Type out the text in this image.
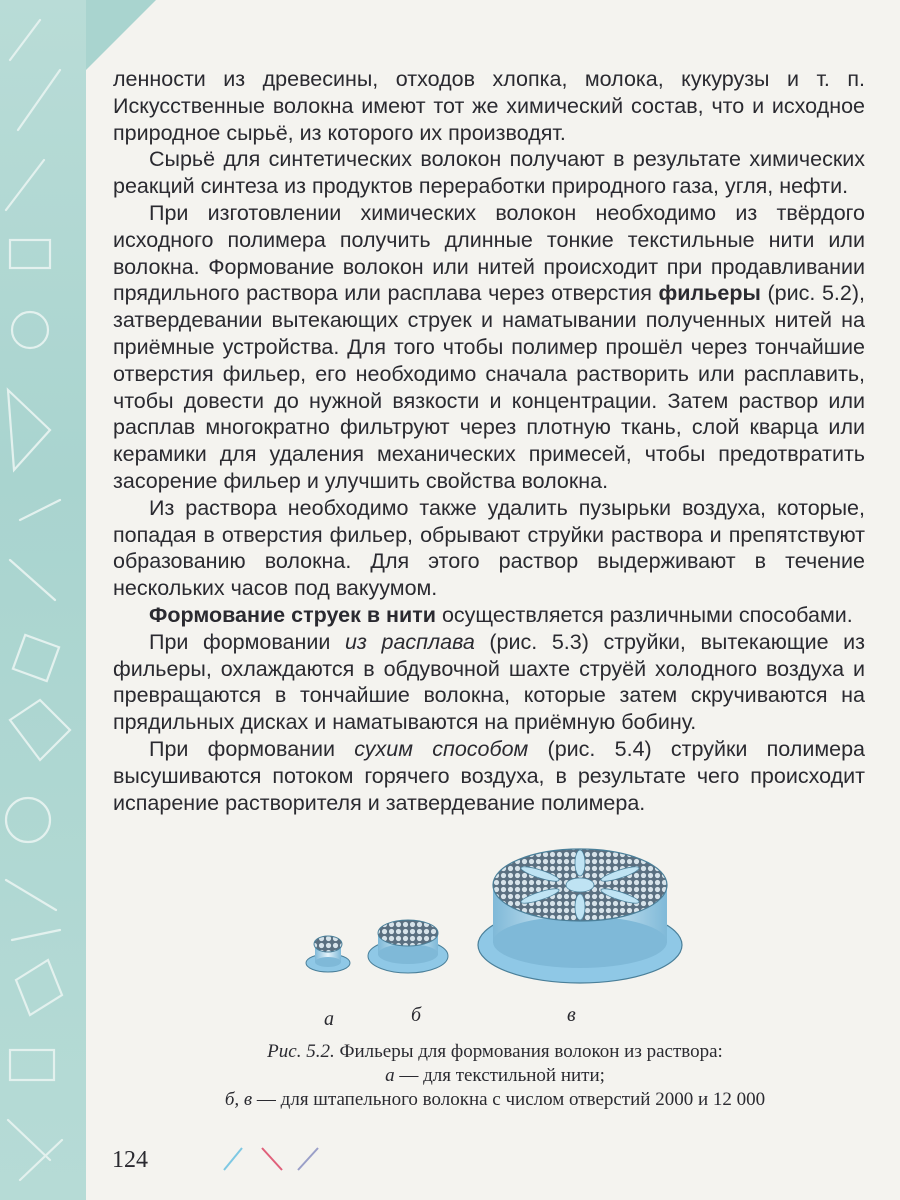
ленности из древесины, отходов хлопка, молока, кукурузы и т. п. Искусственные волокна имеют тот же химический состав, что и исходное природное сырьё, из которого их производят.

Сырьё для синтетических волокон получают в результате химических реакций синтеза из продуктов переработки природного газа, угля, нефти.

При изготовлении химических волокон необходимо из твёрдого исходного полимера получить длинные тонкие текстильные нити или волокна. Формование волокон или нитей происходит при продавливании прядильного раствора или расплава через отверстия фильеры (рис. 5.2), затвердевании вытекающих струек и наматывании полученных нитей на приёмные устройства. Для того чтобы полимер прошёл через тончайшие отверстия фильер, его необходимо сначала растворить или расплавить, чтобы довести до нужной вязкости и концентрации. Затем раствор или расплав многократно фильтруют через плотную ткань, слой кварца или керамики для удаления механических примесей, чтобы предотвратить засорение фильер и улучшить свойства волокна.

Из раствора необходимо также удалить пузырьки воздуха, которые, попадая в отверстия фильер, обрывают струйки раствора и препятствуют образованию волокна. Для этого раствор выдерживают в течение нескольких часов под вакуумом.

Формование струек в нити осуществляется различными способами.

При формовании из расплава (рис. 5.3) струйки, вытекающие из фильеры, охлаждаются в обдувочной шахте струёй холодного воздуха и превращаются в тончайшие волокна, которые затем скручиваются на прядильных дисках и наматываются на приёмную бобину.

При формовании сухим способом (рис. 5.4) струйки полимера высушиваются потоком горячего воздуха, в результате чего происходит испарение растворителя и затвердевание полимера.

а	б	в
Рис. 5.2. Фильеры для формования волокон из раствора:
а — для текстильной нити;
б, в — для штапельного волокна с числом отверстий 2000 и 12 000
124
